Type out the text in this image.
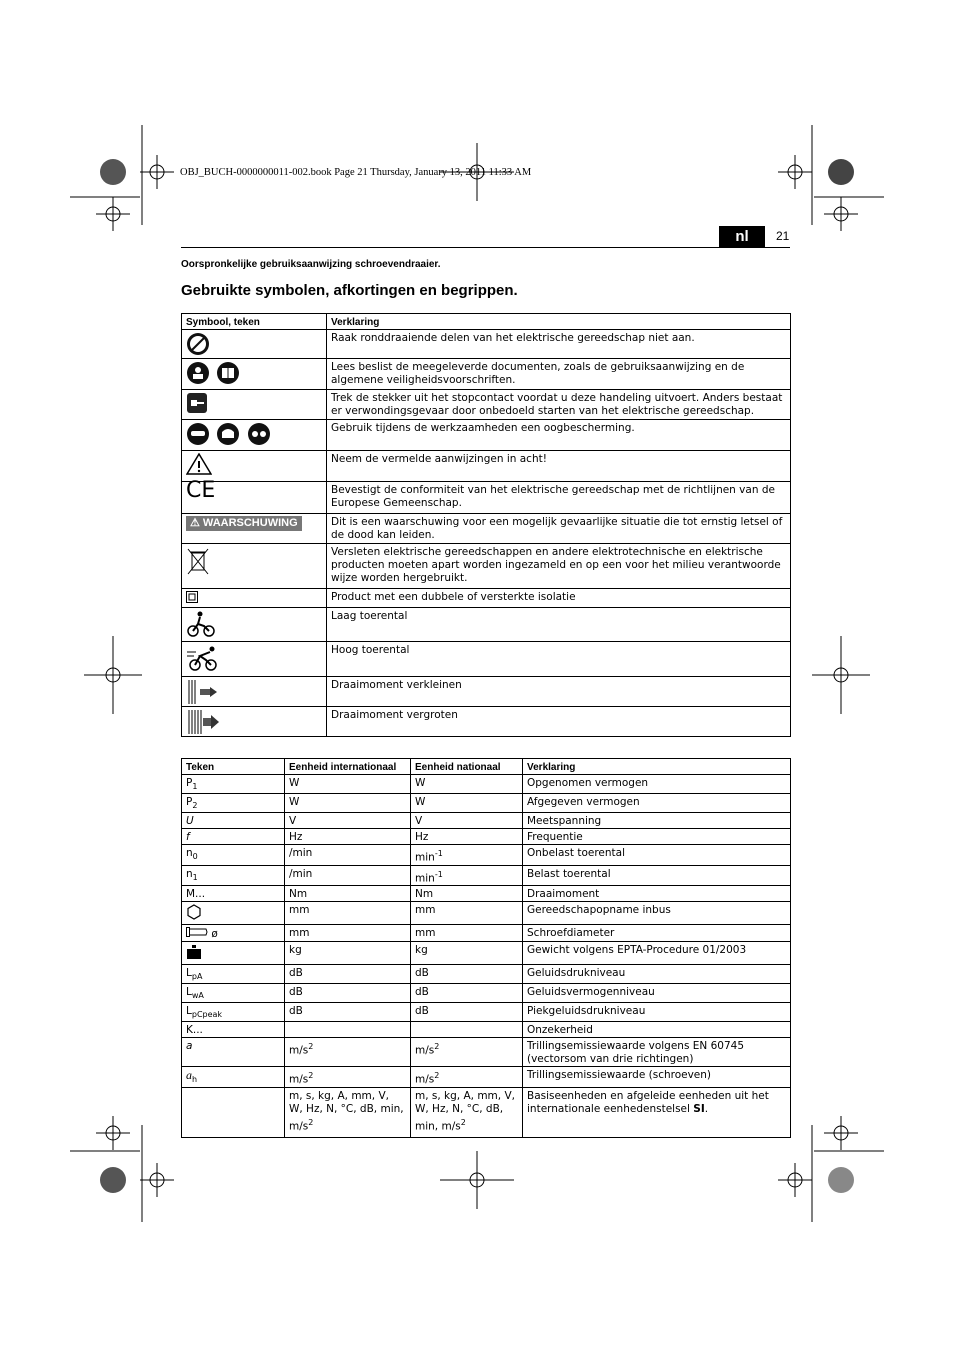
OBJ_BUCH-0000000011-002.book Page 21 Thursday, January 13, 2011 11:33 AM
nl	21
Oorspronkelijke gebruiksaanwijzing schroevendraaier.
Gebruikte symbolen, afkortingen en begrippen.
Symbool, teken	Verklaring
	Raak ronddraaiende delen van het elektrische gereedschap niet aan.
	Lees beslist de meegeleverde documenten, zoals de gebruiksaanwijzing en de algemene veiligheidsvoorschriften.
	Trek de stekker uit het stopcontact voordat u deze handeling uitvoert. Anders bestaat er verwondingsgevaar door onbedoeld starten van het elektrische gereedschap.
	Gebruik tijdens de werkzaamheden een oogbescherming.
	Neem de vermelde aanwijzingen in acht!
CE	Bevestigt de conformiteit van het elektrische gereedschap met de richtlijnen van de Europese Gemeenschap.
⚠ WAARSCHUWING	Dit is een waarschuwing voor een mogelijk gevaarlijke situatie die tot ernstig letsel of de dood kan leiden.
	Versleten elektrische gereedschappen en andere elektrotechnische en elektrische producten moeten apart worden ingezameld en op een voor het milieu verantwoorde wijze worden hergebruikt.
	Product met een dubbele of versterkte isolatie
	Laag toerental
	Hoog toerental
	Draaimoment verkleinen
	Draaimoment vergroten
Teken	Eenheid internationaal	Eenheid nationaal	Verklaring
$P_1$	W	W	Opgenomen vermogen
$P_2$	W	W	Afgegeven vermogen
U	V	V	Meetspanning
f	Hz	Hz	Frequentie
$n_0$	/min	$\min^{-1}$	Onbelast toerental
$n_1$	/min	$\min^{-1}$	Belast toerental
M...	Nm	Nm	Draaimoment
	mm	mm	Gereedschapopname inbus
ø	mm	mm	Schroefdiameter
	kg	kg	Gewicht volgens EPTA-Procedure 01/2003
$L_{pA}$	dB	dB	Geluidsdrukniveau
$L_{wA}$	dB	dB	Geluidsvermogenniveau
$L_{pCpeak}$	dB	dB	Piekgeluidsdrukniveau
K...			Onzekerheid
a	$m/s^2$	$m/s^2$	Trillingsemissiewaarde volgens EN 60745 (vectorsom van drie richtingen)
$a_h$	$m/s^2$	$m/s^2$	Trillingsemissiewaarde (schroeven)
	m, s, kg, A, mm, V, W, Hz, N, °C, dB, min, $m/s^2$	m, s, kg, A, mm, V, W, Hz, N, °C, dB, min, $m/s^2$	Basiseenheden en afgeleide eenheden uit het internationale eenhedenstelsel SI.
